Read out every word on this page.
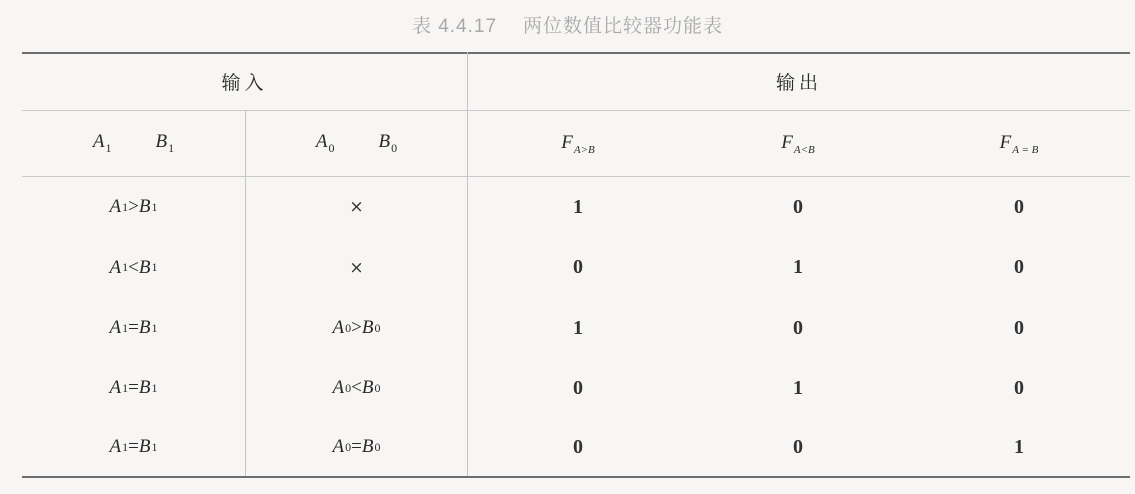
表 4.4.17 两位数值比较器功能表
输入	输出
$A_1$ $B_1$	$A_0$ $B_0$	$F_{A>B}$	$F_{A<B}$	$F_{A = B}$
A 1 > B 1	×	1	0	0
A 1 < B 1	×	0	1	0
A 1 = B 1	A 0 > B 0	1	0	0
A 1 = B 1	A 0 < B 0	0	1	0
A 1 = B 1	A 0 = B 0	0	0	1
